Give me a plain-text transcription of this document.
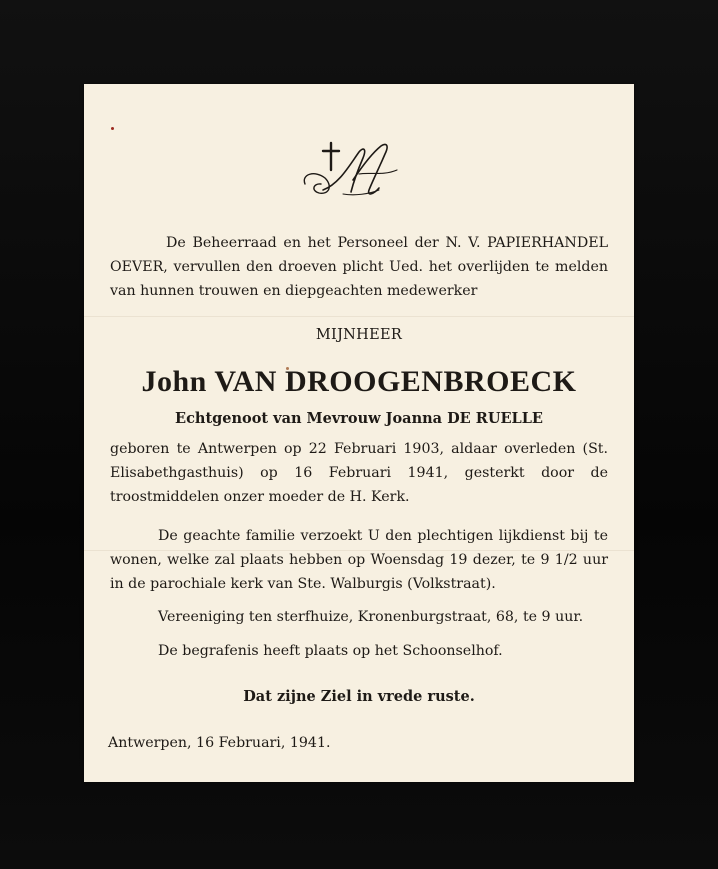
De Beheerraad en het Personeel der N. V. PAPIERHANDEL OEVER, vervullen den droeven plicht Ued. het overlijden te melden van hunnen trouwen en diepgeachten medewerker

MIJNHEER
John VAN DROOGENBROECK
Echtgenoot van Mevrouw Joanna DE RUELLE

geboren te Antwerpen op 22 Februari 1903, aldaar overleden (St. Elisabethgasthuis) op 16 Februari 1941, gesterkt door de troostmiddelen onzer moeder de H. Kerk.

De geachte familie verzoekt U den plechtigen lijkdienst bij te wonen, welke zal plaats hebben op Woensdag 19 dezer, te 9 1/2 uur in de parochiale kerk van Ste. Walburgis (Volkstraat).

Vereeniging ten sterfhuize, Kronenburgstraat, 68, te 9 uur.
De begrafenis heeft plaats op het Schoonselhof.
Dat zijne Ziel in vrede ruste.
Antwerpen, 16 Februari, 1941.
